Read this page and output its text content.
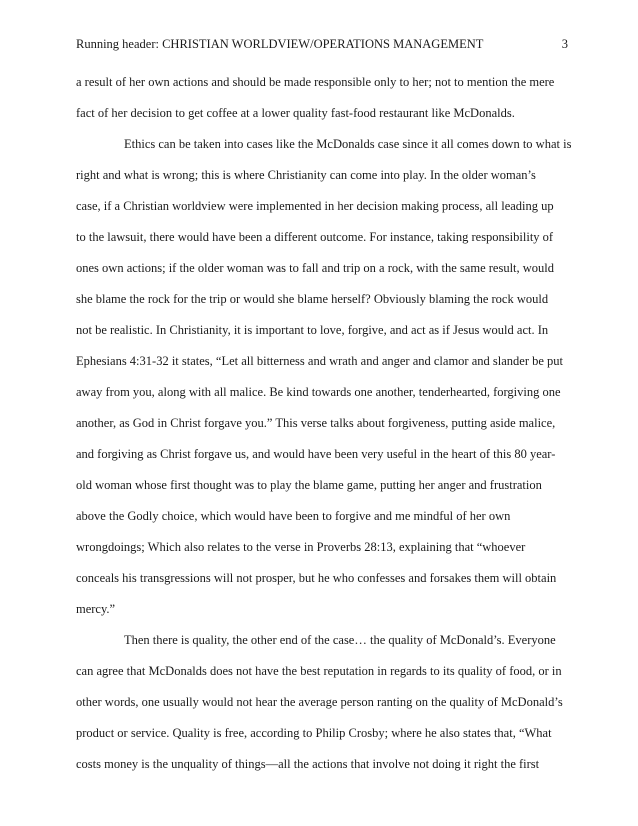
Running header: CHRISTIAN WORLDVIEW/OPERATIONS MANAGEMENT	3
a result of her own actions and should be made responsible only to her; not to mention the mere
fact of her decision to get coffee at a lower quality fast-food restaurant like McDonalds.
Ethics can be taken into cases like the McDonalds case since it all comes down to what is
right and what is wrong; this is where Christianity can come into play. In the older woman’s
case, if a Christian worldview were implemented in her decision making process, all leading up
to the lawsuit, there would have been a different outcome. For instance, taking responsibility of
ones own actions; if the older woman was to fall and trip on a rock, with the same result, would
she blame the rock for the trip or would she blame herself? Obviously blaming the rock would
not be realistic. In Christianity, it is important to love, forgive, and act as if Jesus would act. In
Ephesians 4:31-32 it states, “Let all bitterness and wrath and anger and clamor and slander be put
away from you, along with all malice. Be kind towards one another, tenderhearted, forgiving one
another, as God in Christ forgave you.” This verse talks about forgiveness, putting aside malice,
and forgiving as Christ forgave us, and would have been very useful in the heart of this 80 year-
old woman whose first thought was to play the blame game, putting her anger and frustration
above the Godly choice, which would have been to forgive and me mindful of her own
wrongdoings; Which also relates to the verse in Proverbs 28:13, explaining that “whoever
conceals his transgressions will not prosper, but he who confesses and forsakes them will obtain
mercy.”
Then there is quality, the other end of the case… the quality of McDonald’s. Everyone
can agree that McDonalds does not have the best reputation in regards to its quality of food, or in
other words, one usually would not hear the average person ranting on the quality of McDonald’s
product or service. Quality is free, according to Philip Crosby; where he also states that, “What
costs money is the unquality of things—all the actions that involve not doing it right the first
